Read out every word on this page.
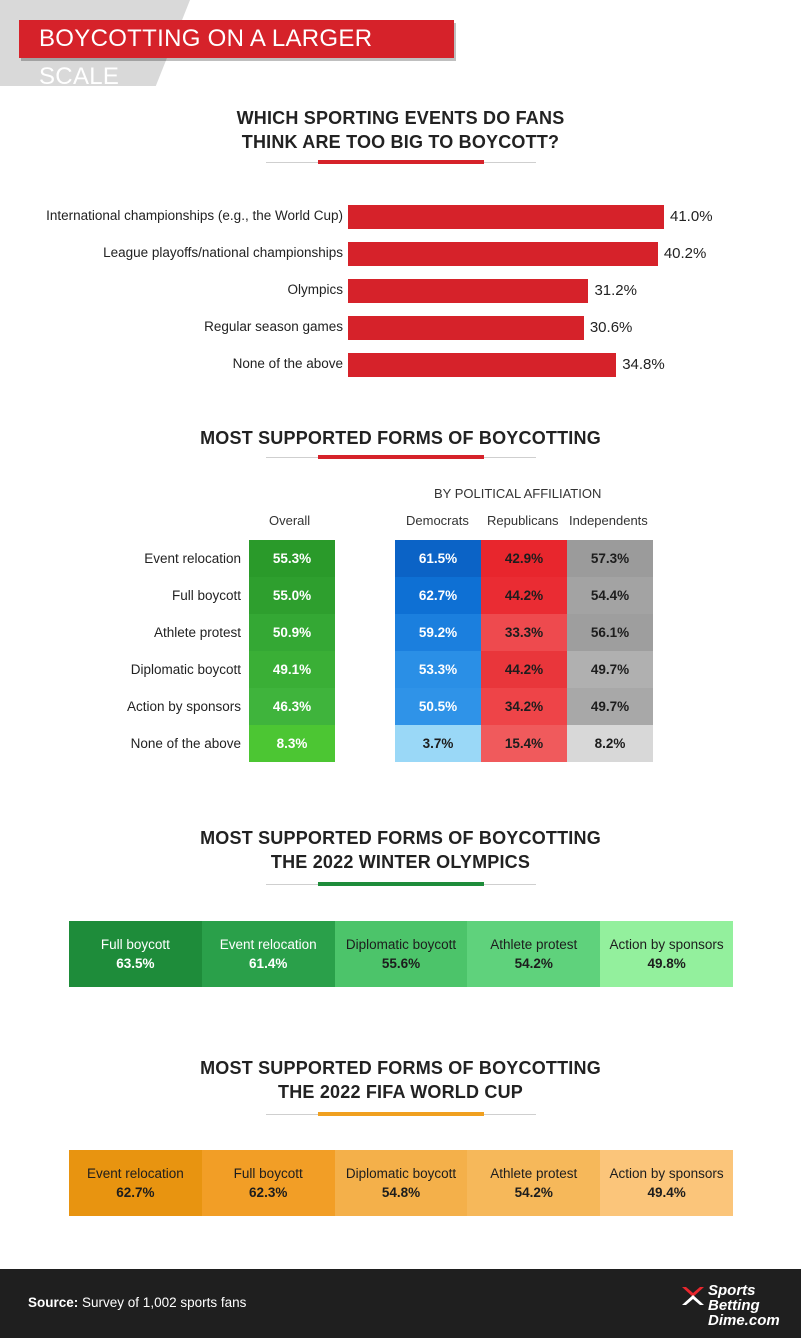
BOYCOTTING ON A LARGER SCALE
WHICH SPORTING EVENTS DO FANS
THINK ARE TOO BIG TO BOYCOTT?
International championships (e.g., the World Cup)	41.0%
League playoffs/national championships	40.2%
Olympics	31.2%
Regular season games	30.6%
None of the above	34.8%
MOST SUPPORTED FORMS OF BOYCOTTING
BY POLITICAL AFFILIATION
Overall	Democrats Republicans Independents
Event relocation	55.3%	61.5%	42.9%	57.3%
Full boycott	55.0%	62.7%	44.2%	54.4%
Athlete protest	50.9%	59.2%	33.3%	56.1%
Diplomatic boycott	49.1%	53.3%	44.2%	49.7%
Action by sponsors	46.3%	50.5%	34.2%	49.7%
None of the above	8.3%	3.7%	15.4%	8.2%
MOST SUPPORTED FORMS OF BOYCOTTING
THE 2022 WINTER OLYMPICS
Full boycott
63.5%
Event relocation
61.4%
Diplomatic boycott
55.6%
Athlete protest
54.2%
Action by sponsors
49.8%
MOST SUPPORTED FORMS OF BOYCOTTING
THE 2022 FIFA WORLD CUP
Event relocation
62.7%
Full boycott
62.3%
Diplomatic boycott
54.8%
Athlete protest
54.2%
Action by sponsors
49.4%
Source: Survey of 1,002 sports fans
Sports
Betting
Dime.com
